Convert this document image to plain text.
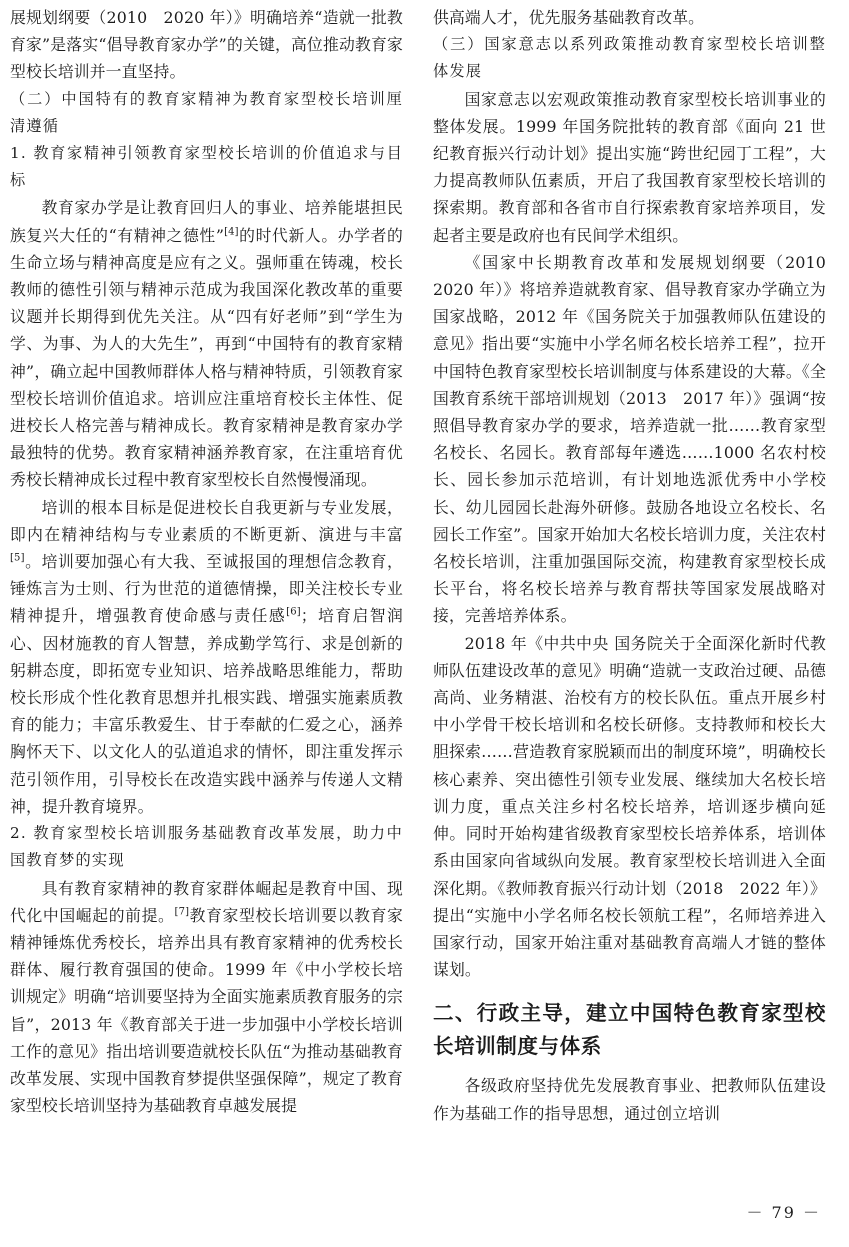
展规划纲要（2010　2020 年）》明确培养“造就一批教育家”是落实“倡导教育家办学”的关键，高位推动教育家型校长培训并一直坚持。

（二）中国特有的教育家精神为教育家型校长培训厘清遵循

1. 教育家精神引领教育家型校长培训的价值追求与目标

教育家办学是让教育回归人的事业、培养能堪担民族复兴大任的“有精神之德性”[4]的时代新人。办学者的生命立场与精神高度是应有之义。强师重在铸魂，校长教师的德性引领与精神示范成为我国深化教改革的重要议题并长期得到优先关注。从“四有好老师”到“学生为学、为事、为人的大先生”，再到“中国特有的教育家精神”，确立起中国教师群体人格与精神特质，引领教育家型校长培训价值追求。培训应注重培育校长主体性、促进校长人格完善与精神成长。教育家精神是教育家办学最独特的优势。教育家精神涵养教育家，在注重培育优秀校长精神成长过程中教育家型校长自然慢慢涌现。

培训的根本目标是促进校长自我更新与专业发展，即内在精神结构与专业素质的不断更新、演进与丰富[5]。培训要加强心有大我、至诚报国的理想信念教育，锤炼言为士则、行为世范的道德情操，即关注校长专业精神提升，增强教育使命感与责任感[6]；培育启智润心、因材施教的育人智慧，养成勤学笃行、求是创新的躬耕态度，即拓宽专业知识、培养战略思维能力，帮助校长形成个性化教育思想并扎根实践、增强实施素质教育的能力；丰富乐教爱生、甘于奉献的仁爱之心，涵养胸怀天下、以文化人的弘道追求的情怀，即注重发挥示范引领作用，引导校长在改造实践中涵养与传递人文精神，提升教育境界。

2. 教育家型校长培训服务基础教育改革发展，助力中国教育梦的实现

具有教育家精神的教育家群体崛起是教育中国、现代化中国崛起的前提。[7]教育家型校长培训要以教育家精神锤炼优秀校长，培养出具有教育家精神的优秀校长群体、履行教育强国的使命。1999 年《中小学校长培训规定》明确“培训要坚持为全面实施素质教育服务的宗旨”，2013 年《教育部关于进一步加强中小学校长培训工作的意见》指出培训要造就校长队伍“为推动基础教育改革发展、实现中国教育梦提供坚强保障”，规定了教育家型校长培训坚持为基础教育卓越发展提

供高端人才，优先服务基础教育改革。

（三）国家意志以系列政策推动教育家型校长培训整体发展

国家意志以宏观政策推动教育家型校长培训事业的整体发展。1999 年国务院批转的教育部《面向 21 世纪教育振兴行动计划》提出实施“跨世纪园丁工程”，大力提高教师队伍素质，开启了我国教育家型校长培训的探索期。教育部和各省市自行探索教育家培养项目，发起者主要是政府也有民间学术组织。

《国家中长期教育改革和发展规划纲要（2010　2020 年）》将培养造就教育家、倡导教育家办学确立为国家战略，2012 年《国务院关于加强教师队伍建设的意见》指出要“实施中小学名师名校长培养工程”，拉开中国特色教育家型校长培训制度与体系建设的大幕。《全国教育系统干部培训规划（2013　2017 年）》强调“按照倡导教育家办学的要求，培养造就一批……教育家型名校长、名园长。教育部每年遴选……1000 名农村校长、园长参加示范培训，有计划地选派优秀中小学校长、幼儿园园长赴海外研修。鼓励各地设立名校长、名园长工作室”。国家开始加大名校长培训力度，关注农村名校长培训，注重加强国际交流，构建教育家型校长成长平台，将名校长培养与教育帮扶等国家发展战略对接，完善培养体系。

2018 年《中共中央 国务院关于全面深化新时代教师队伍建设改革的意见》明确“造就一支政治过硬、品德高尚、业务精湛、治校有方的校长队伍。重点开展乡村中小学骨干校长培训和名校长研修。支持教师和校长大胆探索……营造教育家脱颖而出的制度环境”，明确校长核心素养、突出德性引领专业发展、继续加大名校长培训力度，重点关注乡村名校长培养，培训逐步横向延伸。同时开始构建省级教育家型校长培养体系，培训体系由国家向省域纵向发展。教育家型校长培训进入全面深化期。《教师教育振兴行动计划（2018　2022 年）》提出“实施中小学名师名校长领航工程”，名师培养进入国家行动，国家开始注重对基础教育高端人才链的整体谋划。

二、行政主导，建立中国特色教育家型校长培训制度与体系

各级政府坚持优先发展教育事业、把教师队伍建设作为基础工作的指导思想，通过创立培训

－ 79 －
